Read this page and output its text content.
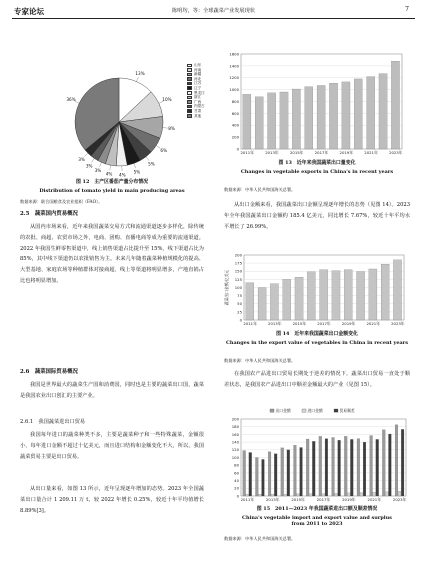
专家论坛	陈明均，等：全球蔬菜产业发展现状	7
13%
10%
8%
6%
5%
5%
4%
4%
3%
3%
3%
36%
山东
河南
新疆
河北
江苏
辽宁
黑龙江
浙江
广西
内蒙古
甘肃
其他
图 12　主产区番茄产量分布情况
Distribution of tomato yield in main producing areas
数据来源：联合国粮食及农业组织（FAO）。
2.5　蔬菜国内贸易概况
从国内市场来看，近年来我国蔬菜交易方式和流通渠道逐步多样化，除传统的农批、商超、农贸市场之外，电商、团购、直播电商等成为重要的流通渠道。2022 年我国生鲜零售渠道中，线上销售渠道占比提升至 15%，线下渠道占比为 85%，其中线下渠道仍以农批销售为主。未来几年随着蔬菜种植规模化的提高、大型基地、家庭农场等种植群体对接商超、线上等渠道将明显增多，产地直销占比也将明显增加。
2.6　蔬菜国际贸易概况
我国是世界最大的蔬菜生产国和消费国，同时也是主要的蔬菜出口国，蔬菜是我国农业出口创汇的主要产业。
2.6.1　我国蔬菜进出口贸易
我国每年进口的蔬菜种类不多，主要是蔬菜种子和一些特殊蔬菜，金额很小，每年进口金额不超过十亿美元，而且进口结构和金额变化不大，所以，我国蔬菜贸易主要是出口贸易。
从出口量来看，如图 13 所示，近年呈现逐年增加的态势。2023 年全国蔬菜出口量合计 1 209.11 万 t，较 2022 年增长 0.25%，较近十年平均值增长 8.89%[3]。
0
200
400
600
800
1000
1200
1400
1600
2011年	2013年	2015年	2017年	2019年	2021年	2023年
图 13　近年来我国蔬菜出口量变化
Changes in vegetable exports in China's in recent years
数据来源：中华人民共和国海关总署。
从出口金额来看，我国蔬菜出口金额呈现逐年增长的态势（见图 14）。2023 年全年我国蔬菜出口金额约 185.4 亿美元，同比增长 7.67%，较近十年平均水平增长了 26.99%。
0
25
50
75
100
125
150
175
200
2011年	2013年	2015年	2017年	2019年	2021年	2023年
蔬菜出口金额/亿美元
图 14　近年来我国蔬菜出口金额变化
Changes in the export value of vegetables in China in recent years
数据来源：中华人民共和国海关总署。
在我国农产品进出口贸易长期处于逆差的情况下，蔬菜出口贸易一直处于顺差状态，是我国农产品进出口中顺差金额最大的产业（见图 15）。
0
20
40
60
80
100
120
140
160
180
200
2011年	2013年	2015年	2017年	2019年	2021年	2023年
出口金额	进口金额	贸易顺差
图 15　2011—2023 年我国蔬菜进出口额及顺差情况
China's vegetable import and export value and surplus from 2011 to 2023
数据来源：中华人民共和国海关总署。
